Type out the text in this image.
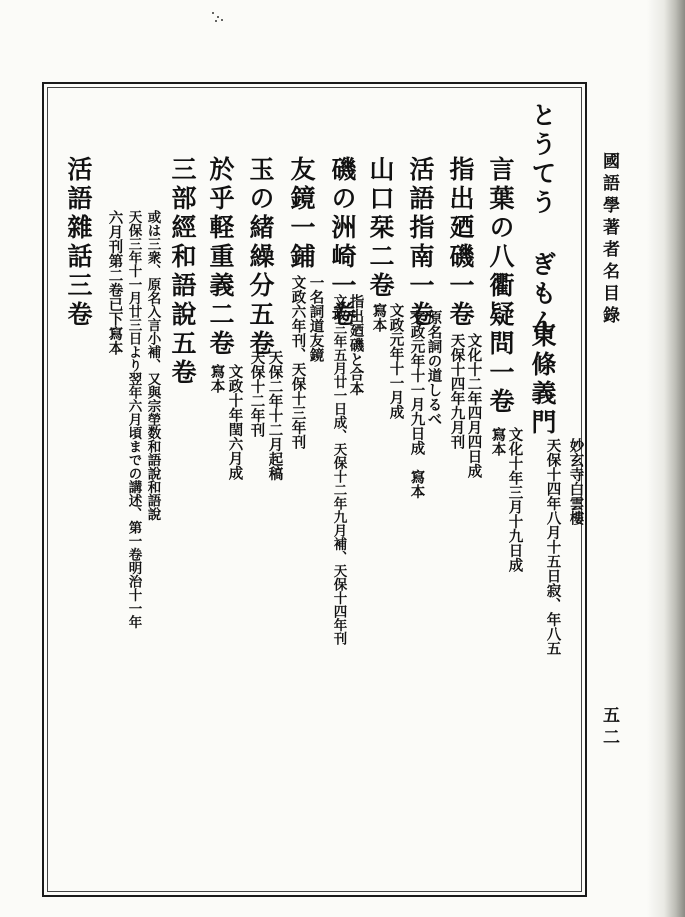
國語學著者名目錄
五二
とうてう ぎもん
東條義門
妙玄寺白雲樓
天保十四年八月十五日寂、年八五
言葉の八衢疑問一卷
文化十年三月十九日成
寫本
指出廼磯一卷
文化十二年四月四日成
天保十四年九月刊
活語指南一卷
原名詞の道しるべ
文政元年十一月九日成　寫本
山口栞二卷
文政元年十一月成
寫本
磯の洲崎一卷
指出廼磯と合本
文政三年五月廿一日成、天保十二年九月補、天保十四年刊
友鏡一鋪
一名詞道友鏡
文政六年刊、天保十三年刊
玉の緒繰分五卷
天保二年十二月起稿
天保十二年刊
於乎軽重義二卷
文政十年閏六月成
寫本
三部經和語說五卷
或は三衆、原名入言小補、又與宗塋数和語說和語說
天保三年十一月廿三日より翌年六月頃までの講述、第一卷明治十一年
六月刊第二卷已下寫本
活語雜話三卷
